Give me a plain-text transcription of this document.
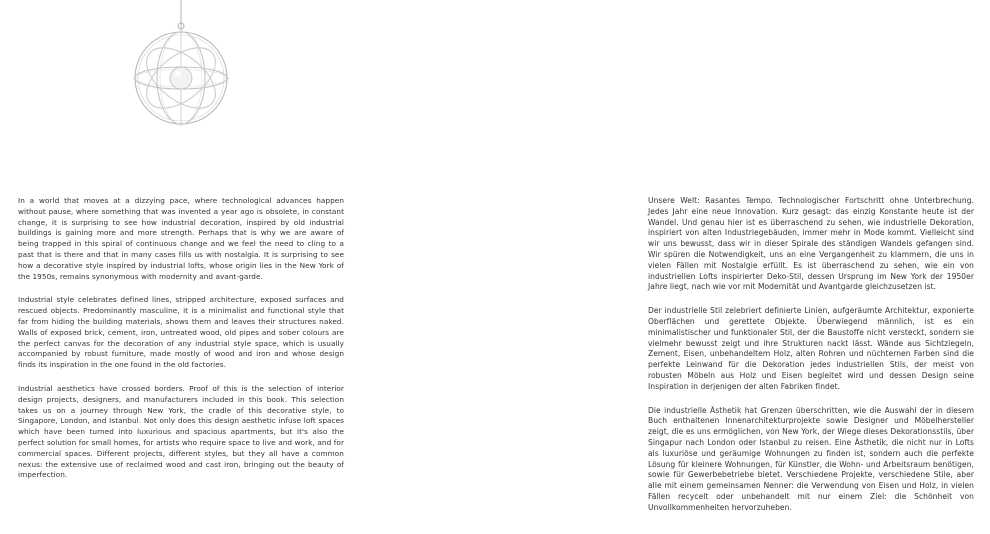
In a world that moves at a dizzying pace, where technological advances happen without pause, where something that was invented a year ago is obsolete, in constant change, it is surprising to see how industrial decoration, inspired by old industrial buildings is gaining more and more strength. Perhaps that is why we are aware of being trapped in this spiral of continuous change and we feel the need to cling to a past that is there and that in many cases fills us with nostalgia. It is surprising to see how a decorative style inspired by industrial lofts, whose origin lies in the New York of the 1950s, remains synonymous with modernity and avant-garde.

Industrial style celebrates defined lines, stripped architecture, exposed surfaces and rescued objects. Predominantly masculine, it is a minimalist and functional style that far from hiding the building materials, shows them and leaves their structures naked. Walls of exposed brick, cement, iron, untreated wood, old pipes and sober colours are the perfect canvas for the decoration of any industrial style space, which is usually accompanied by robust furniture, made mostly of wood and iron and whose design finds its inspiration in the one found in the old factories.

Industrial aesthetics have crossed borders. Proof of this is the selection of interior design projects, designers, and manufacturers included in this book. This selection takes us on a journey through New York, the cradle of this decorative style, to Singapore, London, and Istanbul. Not only does this design aesthetic infuse loft spaces which have been turned into luxurious and spacious apartments, but it's also the perfect solution for small homes, for artists who require space to live and work, and for commercial spaces. Different projects, different styles, but they all have a common nexus: the extensive use of reclaimed wood and cast iron, bringing out the beauty of imperfection.

Unsere Welt: Rasantes Tempo. Technologischer Fortschritt ohne Unterbrechung. Jedes Jahr eine neue Innovation. Kurz gesagt: das einzig Konstante heute ist der Wandel. Und genau hier ist es überraschend zu sehen, wie industrielle Dekoration, inspiriert von alten Industriegebäuden, immer mehr in Mode kommt. Vielleicht sind wir uns bewusst, dass wir in dieser Spirale des ständigen Wandels gefangen sind. Wir spüren die Notwendigkeit, uns an eine Vergangenheit zu klammern, die uns in vielen Fällen mit Nostalgie erfüllt. Es ist überraschend zu sehen, wie ein von industriellen Lofts inspirierter Deko-Stil, dessen Ursprung im New York der 1950er Jahre liegt, nach wie vor mit Modernität und Avantgarde gleichzusetzen ist.

Der industrielle Stil zelebriert definierte Linien, aufgeräumte Architektur, exponierte Oberflächen und gerettete Objekte. Überwiegend männlich, ist es ein minimalistischer und funktionaler Stil, der die Baustoffe nicht versteckt, sondern sie vielmehr bewusst zeigt und ihre Strukturen nackt lässt. Wände aus Sichtziegeln, Zement, Eisen, unbehandeltem Holz, alten Rohren und nüchternen Farben sind die perfekte Leinwand für die Dekoration jedes industriellen Stils, der meist von robusten Möbeln aus Holz und Eisen begleitet wird und dessen Design seine Inspiration in derjenigen der alten Fabriken findet.

Die industrielle Ästhetik hat Grenzen überschritten, wie die Auswahl der in diesem Buch enthaltenen Innenarchitekturprojekte sowie Designer und Möbelhersteller zeigt, die es uns ermöglichen, von New York, der Wiege dieses Dekorationsstils, über Singapur nach London oder Istanbul zu reisen. Eine Ästhetik, die nicht nur in Lofts als luxuriöse und geräumige Wohnungen zu finden ist, sondern auch die perfekte Lösung für kleinere Wohnungen, für Künstler, die Wohn- und Arbeitsraum benötigen, sowie für Gewerbebetriebe bietet. Verschiedene Projekte, verschiedene Stile, aber alle mit einem gemeinsamen Nenner: die Verwendung von Eisen und Holz, in vielen Fällen recycelt oder unbehandelt mit nur einem Ziel: die Schönheit von Unvollkommenheiten hervorzuheben.
